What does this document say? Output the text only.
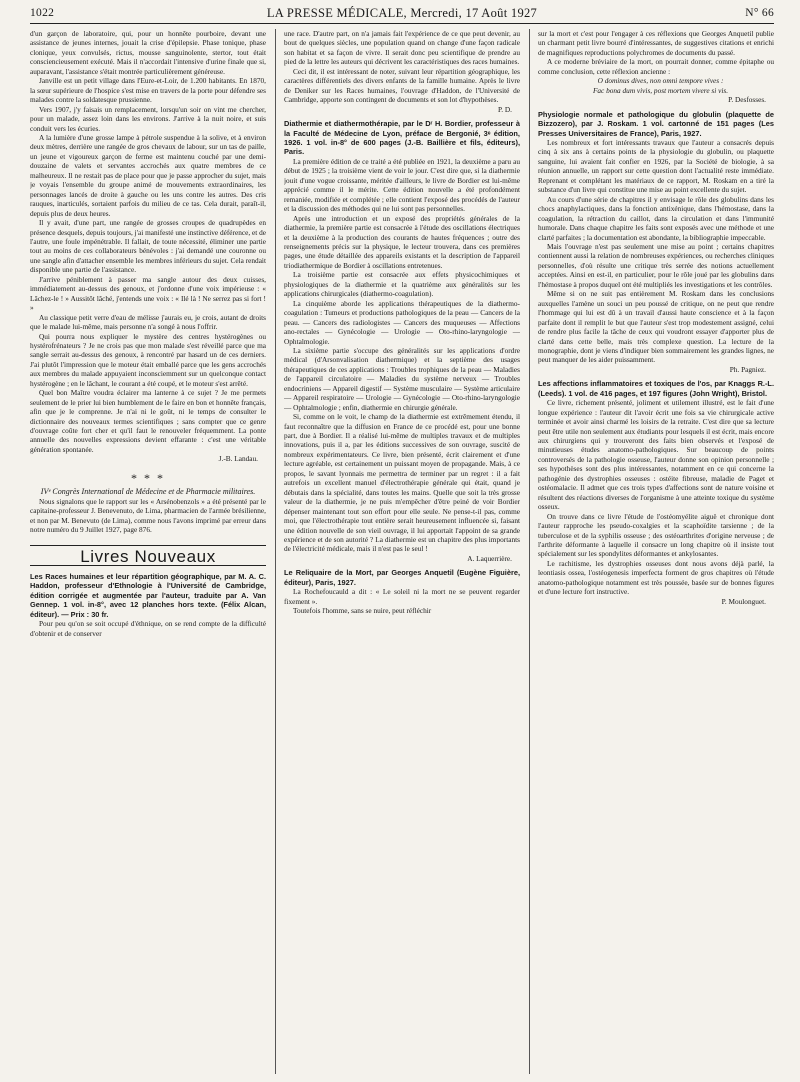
1022	LA PRESSE MÉDICALE, Mercredi, 17 Août 1927	N° 66

d'un garçon de laboratoire, qui, pour un honnête pourboire, devant une assistance de jeunes internes, jouait la crise d'épilepsie. Phase tonique, phase clonique, yeux convulsés, rictus, mousse sanguinolente, stertor, tout était consciencieusement exécuté. Mais il n'accordait l'intensive d'urine finale que si, auparavant, l'assistance s'était montrée particulièrement généreuse.

Janville est un petit village dans l'Eure-et-Loir, de 1.200 habitants. En 1870, la sœur supérieure de l'hospice s'est mise en travers de la porte pour défendre ses malades contre la soldatesque prussienne.

Vers 1907, j'y faisais un remplacement, lorsqu'un soir on vint me chercher, pour un malade, assez loin dans les environs. J'arrive à la nuit noire, et suis conduit vers les écuries.

A la lumière d'une grosse lampe à pétrole suspendue à la solive, et à environ deux mètres, derrière une rangée de gros chevaux de labour, sur un tas de paille, un jeune et vigoureux garçon de ferme est maintenu couché par une demi-douzaine de valets et servantes accrochés aux quatre membres de ce malheureux. Il ne restait pas de place pour que je passe approcher du sujet, mais je voyais l'ensemble du groupe animé de mouvements extraordinaires, les personnages lancés de droite à gauche ou les uns contre les autres. Des cris rauques, inarticulés, sortaient parfois du milieu de ce tas. Cela durait, paraît-il, depuis plus de deux heures.

Il y avait, d'une part, une rangée de grosses croupes de quadrupèdes en présence desquels, depuis toujours, j'ai manifesté une instinctive déférence, et de l'autre, une foule impénétrable. Il fallait, de toute nécessité, éliminer une partie tout au moins de ces collaborateurs bénévoles : j'ai demandé une couronne ou une sangle afin d'attacher ensemble les membres inférieurs du sujet. Cela rendait disponible une partie de l'assistance.

J'arrive péniblement à passer ma sangle autour des deux cuisses, immédiatement au-dessus des genoux, et j'ordonne d'une voix impérieuse : « Lâchez-le ! » Aussitôt lâché, j'entends une voix : « Ilé là ! Ne serrez pas si fort ! »

Au classique petit verre d'eau de mélisse j'aurais eu, je crois, autant de droits que le malade lui-même, mais personne n'a songé à nous l'offrir.

Qui pourra nous expliquer le mystère des centres hystérogènes ou hystérofrénateurs ? Je ne crois pas que mon malade s'est réveillé parce que ma sangle serrait au-dessus des genoux, à rencontré par hasard un de ces derniers. J'ai plutôt l'impression que le moteur était emballé parce que les gens accrochés aux membres du malade appuyaient inconsciemment sur un quelconque contact hystérogène ; en le lâchant, le courant a été coupé, et le moteur s'est arrêté.

Quel bon Maître voudra éclairer ma lanterne à ce sujet ? Je me permets seulement de le prier lui bien humblement de le faire en bon et honnête français, afin que je le comprenne. Je n'ai ni le goût, ni le temps de consulter le dictionnaire des nouveaux termes scientifiques ; sans compter que ce genre d'ouvrage coûte fort cher et qu'il faut le renouveler fréquemment. La ponte annuelle des nouvelles expressions devient effarante : c'est une véritable génération spontanée.

J.-B. Landau.

* * *

IVᵉ Congrès International de Médecine et de Pharmacie militaires.

Nous signalons que le rapport sur les « Arsénobenzols » a été présenté par le capitaine-professeur J. Benevenuto, de Lima, pharmacien de l'armée brésilienne, et non par M. Benevuto (de Lima), comme nous l'avons imprimé par erreur dans notre numéro du 9 Juillet 1927, page 876.

Livres Nouveaux

Les Races humaines et leur répartition géographique, par M. A. C. Haddon, professeur d'Ethnologie à l'Université de Cambridge, édition corrigée et augmentée par l'auteur, traduite par A. Van Gennep. 1 vol. in-8°, avec 12 planches hors texte. (Félix Alcan, éditeur). — Prix : 30 fr.

Pour peu qu'on se soit occupé d'éthnique, on se rend compte de la difficulté d'obtenir et de conserver

une race. D'autre part, on n'a jamais fait l'expérience de ce que peut devenir, au bout de quelques siècles, une population quand on change d'une façon radicale son habitat et sa façon de vivre. Il serait donc peu scientifique de prendre au pied de la lettre les auteurs qui décrivent les caractéristiques des races humaines.

Ceci dit, il est intéressant de noter, suivant leur répartition géographique, les caractères différentiels des divers enfants de la famille humaine. Après le livre de Deniker sur les Races humaines, l'ouvrage d'Haddon, de l'Université de Cambridge, apporte son contingent de documents et son lot d'hypothèses.

P. D.

Diathermie et diathermothérapie, par le Dʳ H. Bordier, professeur à la Faculté de Médecine de Lyon, préface de Bergonié, 3ᵉ édition, 1926. 1 vol. in-8° de 600 pages (J.-B. Baillière et fils, éditeurs), Paris.

La première édition de ce traité a été publiée en 1921, la deuxième a paru au début de 1925 ; la troisième vient de voir le jour. C'est dire que, si la diathermie jouit d'une vogue croissante, méritée d'ailleurs, le livre de Bordier est lui-même apprécié comme il le mérite. Cette édition nouvelle a été profondément remaniée, modifiée et complétée ; elle contient l'exposé des procédés de l'auteur et la discussion des méthodes qui ne lui sont pas personnelles.

Après une introduction et un exposé des propriétés générales de la diathermie, la première partie est consacrée à l'étude des oscillations électriques et la deuxième à la production des courants de hautes fréquences ; outre des renseignements précis sur la physique, le lecteur trouvera, dans ces premières pages, une étude détaillée des appareils existants et la description de l'appareil triodiathermique de Bordier à oscillations entretenues.

La troisième partie est consacrée aux effets physicochimiques et physiologiques de la diathermie et la quatrième aux généralités sur les applications chirurgicales (diathermo-coagulation).

La cinquième aborde les applications thérapeutiques de la diathermo-coagulation : Tumeurs et productions pathologiques de la peau — Cancers de la peau. — Cancers des radiologistes — Cancers des muqueuses — Affections ano-rectales — Gynécologie — Urologie — Oto-rhino-laryngologie — Ophtalmologie.

La sixième partie s'occupe des généralités sur les applications d'ordre médical (d'Arsonvalisation diathermique) et la septième des usages thérapeutiques de ces applications : Troubles trophiques de la peau — Maladies de l'appareil circulatoire — Maladies du système nerveux — Troubles endocriniens — Appareil digestif — Système musculaire — Système articulaire — Appareil respiratoire — Urologie — Gynécologie — Oto-rhino-laryngologie — Ophtalmologie ; enfin, diathermie en chirurgie générale.

Si, comme on le voit, le champ de la diathermie est extrêmement étendu, il faut reconnaître que la diffusion en France de ce procédé est, pour une bonne part, due à Bordier. Il a réalisé lui-même de multiples travaux et de multiples innovations, puis il a, par les éditions successives de son ouvrage, suscité de nombreux expérimentateurs. Ce livre, bien présenté, écrit clairement et d'une lecture agréable, est certainement un puissant moyen de propagande. Mais, à ce propos, le savant lyonnais me permettra de terminer par un regret : il a fait autrefois un excellent manuel d'électrothérapie générale qui était, quand je débutais dans la spécialité, dans toutes les mains. Quelle que soit la très grosse valeur de la diathermie, je ne puis m'empêcher d'être peiné de voir Bordier dépenser maintenant tout son effort pour elle seule. Ne pense-t-il pas, comme moi, que l'électrothérapie tout entière serait heureusement influencée si, faisant une édition nouvelle de son vieil ouvrage, il lui apportait l'appoint de sa grande expérience et de son autorité ? La diathermie est un chapitre des plus importants de l'électricité médicale, mais il n'est pas le seul !

A. Laquerrière.

Le Reliquaire de la Mort, par Georges Anquetil (Eugène Figuière, éditeur), Paris, 1927.

La Rochefoucauld a dit : « Le soleil ni la mort ne se peuvent regarder fixement ».

Toutefois l'homme, sans se nuire, peut réfléchir

sur la mort et c'est pour l'engager à ces réflexions que Georges Anquetil publie un charmant petit livre bourré d'intéressantes, de suggestives citations et enrichi de magnifiques reproductions polychromes de documents du passé.

A ce moderne bréviaire de la mort, on pourrait donner, comme épitaphe ou comme conclusion, cette réflexion ancienne :

O dominus dives, non omni tempore vives :

Fac bona dum vivis, post mortem vivere si vis.

P. Desfosses.

Physiologie normale et pathologique du globulin (plaquette de Bizzozero), par J. Roskam. 1 vol. cartonné de 151 pages (Les Presses Universitaires de France), Paris, 1927.

Les nombreux et fort intéressants travaux que l'auteur a consacrés depuis cinq à six ans à certains points de la physiologie du globulin, ou plaquette sanguine, lui avaient fait confier en 1926, par la Société de biologie, à sa réunion annuelle, un rapport sur cette question dont l'actualité reste immédiate. Reprenant et complétant les matériaux de ce rapport, M. Roskam en a tiré la substance d'un livre qui constitue une mise au point excellente du sujet.

Au cours d'une série de chapitres il y envisage le rôle des globulins dans les chocs anaphylactiques, dans la fonction antixénique, dans l'hémostase, dans la coagulation, la rétraction du caillot, dans la circulation et dans l'immunité humorale. Dans chaque chapitre les faits sont exposés avec une méthode et une clarté parfaites ; la documentation est abondante, la bibliographie impeccable.

Mais l'ouvrage n'est pas seulement une mise au point ; certains chapitres contiennent aussi la relation de nombreuses expériences, ou recherches cliniques personnelles, d'où résulte une critique très serrée des notions actuellement acceptées. Ainsi en est-il, en particulier, pour le rôle joué par les globulins dans l'hémostase à propos duquel ont été multipliés les investigations et les contrôles.

Même si on ne suit pas entièrement M. Roskam dans les conclusions auxquelles l'amène un souci un peu poussé de critique, on ne peut que rendre l'hommage qui lui est dû à un travail d'aussi haute conscience et à la façon parfaite dont il remplit le but que l'auteur s'est trop modestement assigné, celui de rendre plus facile la tâche de ceux qui voudront essayer d'apporter plus de clarté dans cette belle, mais très complexe question. La lecture de la monographie, dont je viens d'indiquer bien sommairement les grandes lignes, ne peut manquer de les aider puissamment.

Ph. Pagniez.

Les affections inflammatoires et toxiques de l'os, par Knaggs R.-L. (Leeds). 1 vol. de 416 pages, et 197 figures (John Wright), Bristol.

Ce livre, richement présenté, joliment et utilement illustré, est le fait d'une longue expérience : l'auteur dit l'avoir écrit une fois sa vie chirurgicale active terminée et avoir ainsi charmé les loisirs de la retraite. C'est dire que sa lecture peut être utile non seulement aux étudiants pour lesquels il est écrit, mais encore aux chirurgiens qui y trouveront des faits bien observés et l'exposé de minutieuses études anatomo-pathologiques. Sur beaucoup de points controversés de la pathologie osseuse, l'auteur donne son opinion personnelle ; ses hypothèses sont des plus intéressantes, notamment en ce qui concerne la pathogénie des dystrophies osseuses : ostéite fibreuse, maladie de Paget et ostéomalacie. Il admet que ces trois types d'affections sont de nature voisine et résultent des réactions diverses de l'organisme à une atteinte toxique du système osseux.

On trouve dans ce livre l'étude de l'ostéomyélite aiguë et chronique dont l'auteur rapproche les pseudo-coxalgies et la scaphoïdite tarsienne ; de la tuberculose et de la syphilis osseuse ; des ostéoarthrites d'origine nerveuse ; de l'arthrite déformante à laquelle il consacre un long chapitre où il insiste tout spécialement sur les spondylites déformantes et ankylosantes.

Le rachitisme, les dystrophies osseuses dont nous avons déjà parlé, la leontiasis ossea, l'ostéogenesis imperfecta forment de gros chapitres où l'étude anatomo-pathologique notamment est très poussée, basée sur de bonnes figures et d'une lecture fort instructive.

P. Moulonguet.
